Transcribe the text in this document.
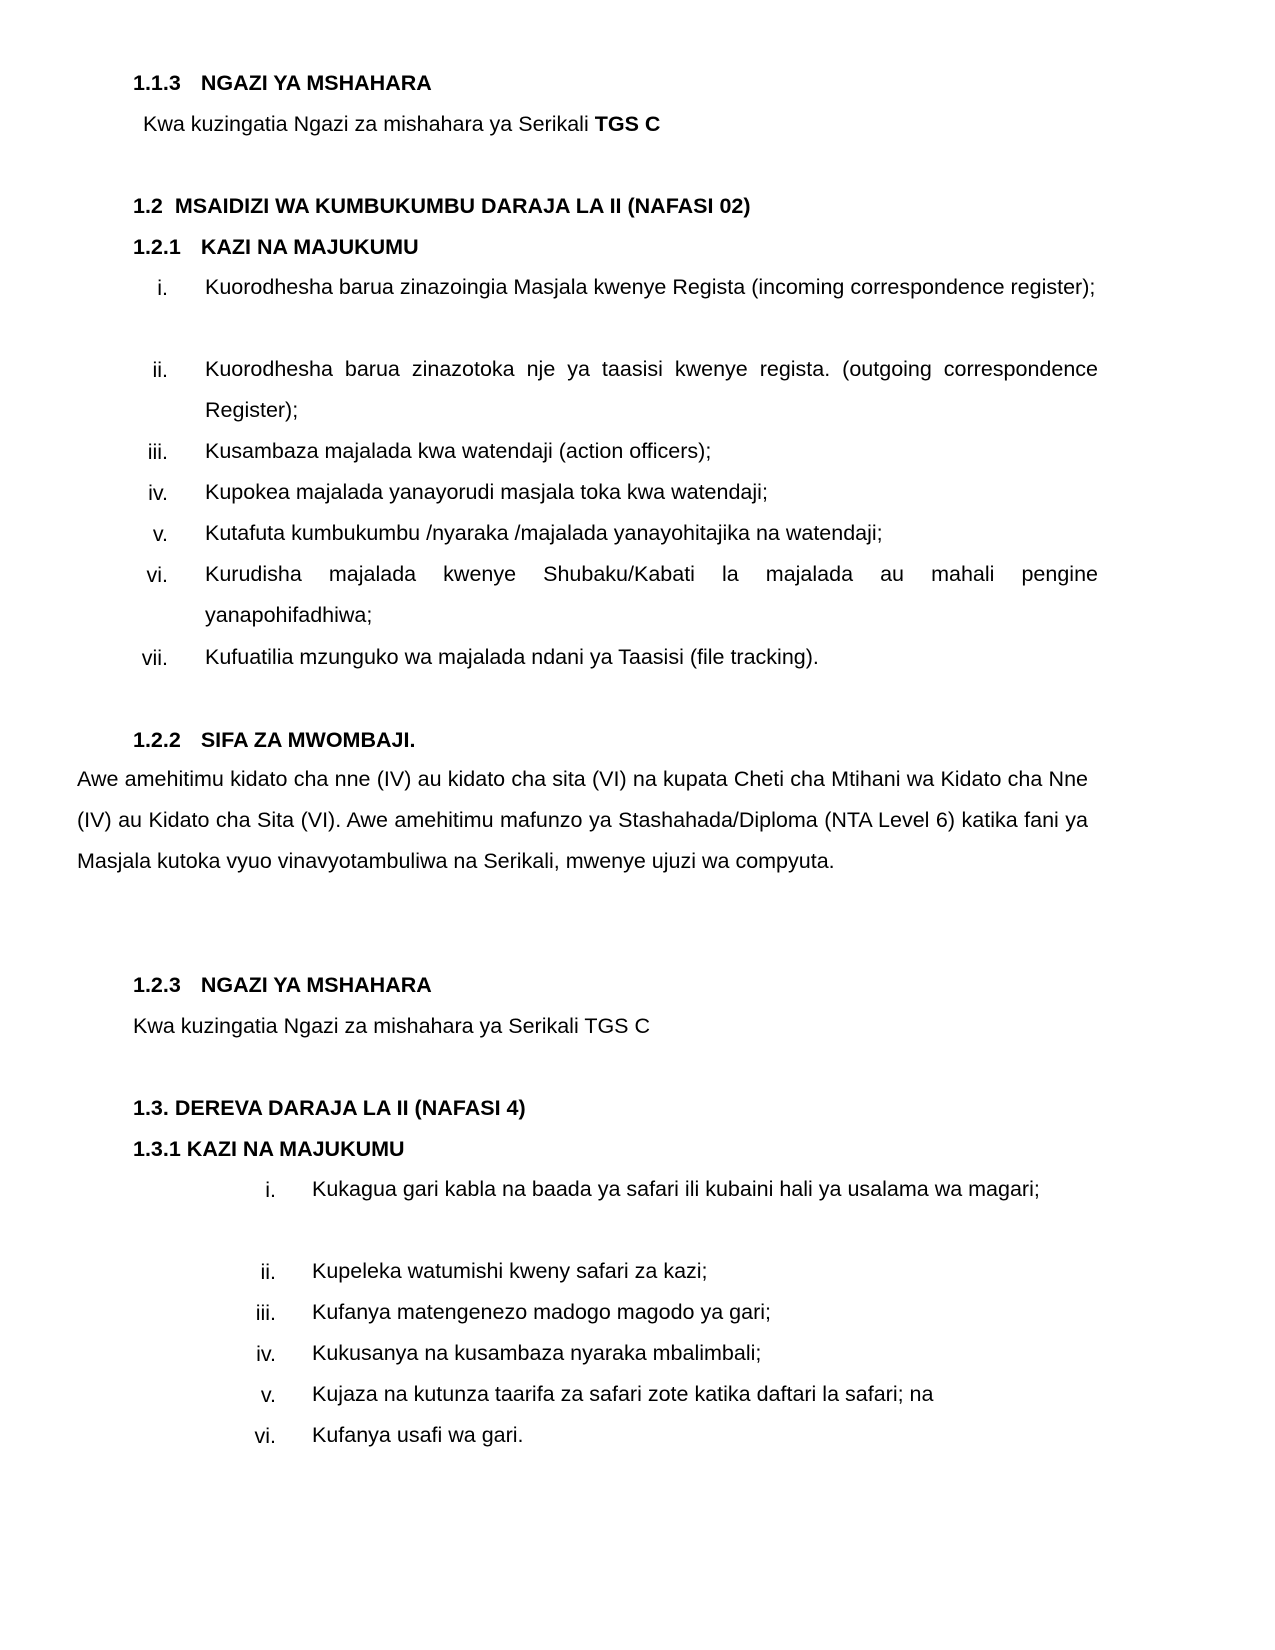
1.1.3 NGAZI YA MSHAHARA
Kwa kuzingatia Ngazi za mishahara ya Serikali TGS C
1.2  MSAIDIZI WA KUMBUKUMBU DARAJA LA II (NAFASI 02)
1.2.1 KAZI NA MAJUKUMU
i. Kuorodhesha barua zinazoingia Masjala kwenye Regista (incoming correspondence register);
ii. Kuorodhesha barua zinazotoka nje ya taasisi kwenye regista. (outgoing correspondence Register);
iii. Kusambaza majalada kwa watendaji (action officers);
iv. Kupokea majalada yanayorudi masjala toka kwa watendaji;
v. Kutafuta kumbukumbu /nyaraka /majalada yanayohitajika na watendaji;
vi. Kurudisha majalada kwenye Shubaku/Kabati la majalada au mahali pengine yanapohifadhiwa;
vii. Kufuatilia mzunguko wa majalada ndani ya Taasisi (file tracking).
1.2.2 SIFA ZA MWOMBAJI.
Awe amehitimu kidato cha nne (IV) au kidato cha sita (VI) na kupata Cheti cha Mtihani wa Kidato cha Nne (IV) au Kidato cha Sita (VI). Awe amehitimu mafunzo ya Stashahada/Diploma (NTA Level 6) katika fani ya Masjala kutoka vyuo vinavyotambuliwa na Serikali, mwenye ujuzi wa compyuta.
1.2.3 NGAZI YA MSHAHARA
Kwa kuzingatia Ngazi za mishahara ya Serikali TGS C
1.3. DEREVA DARAJA LA II (NAFASI 4)
1.3.1 KAZI NA MAJUKUMU
i. Kukagua gari kabla na baada ya safari ili kubaini hali ya usalama wa magari;
ii. Kupeleka watumishi kweny safari za kazi;
iii. Kufanya matengenezo madogo magodo ya gari;
iv. Kukusanya na kusambaza nyaraka mbalimbali;
v. Kujaza na kutunza taarifa za safari zote katika daftari la safari; na
vi. Kufanya usafi wa gari.
